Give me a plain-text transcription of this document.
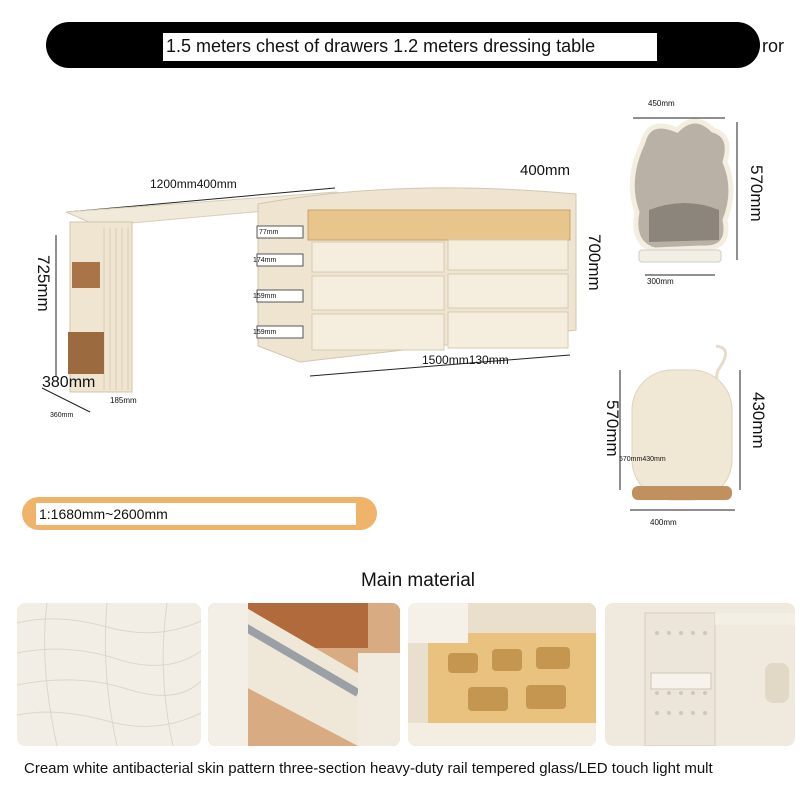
1.5 meters chest of drawers 1.2 meters dressing table	ror
1200mm400mm
725mm
380mm
185mm
360mm
77mm
174mm
159mm
159mm
400mm
700mm
1500mm130mm
450mm
570mm
300mm
570mm	430mm
570mm430mm
400mm
1:1680mm~2600mm
Main material
Cream white antibacterial skin pattern three-section heavy-duty rail tempered glass/LED touch light mult
